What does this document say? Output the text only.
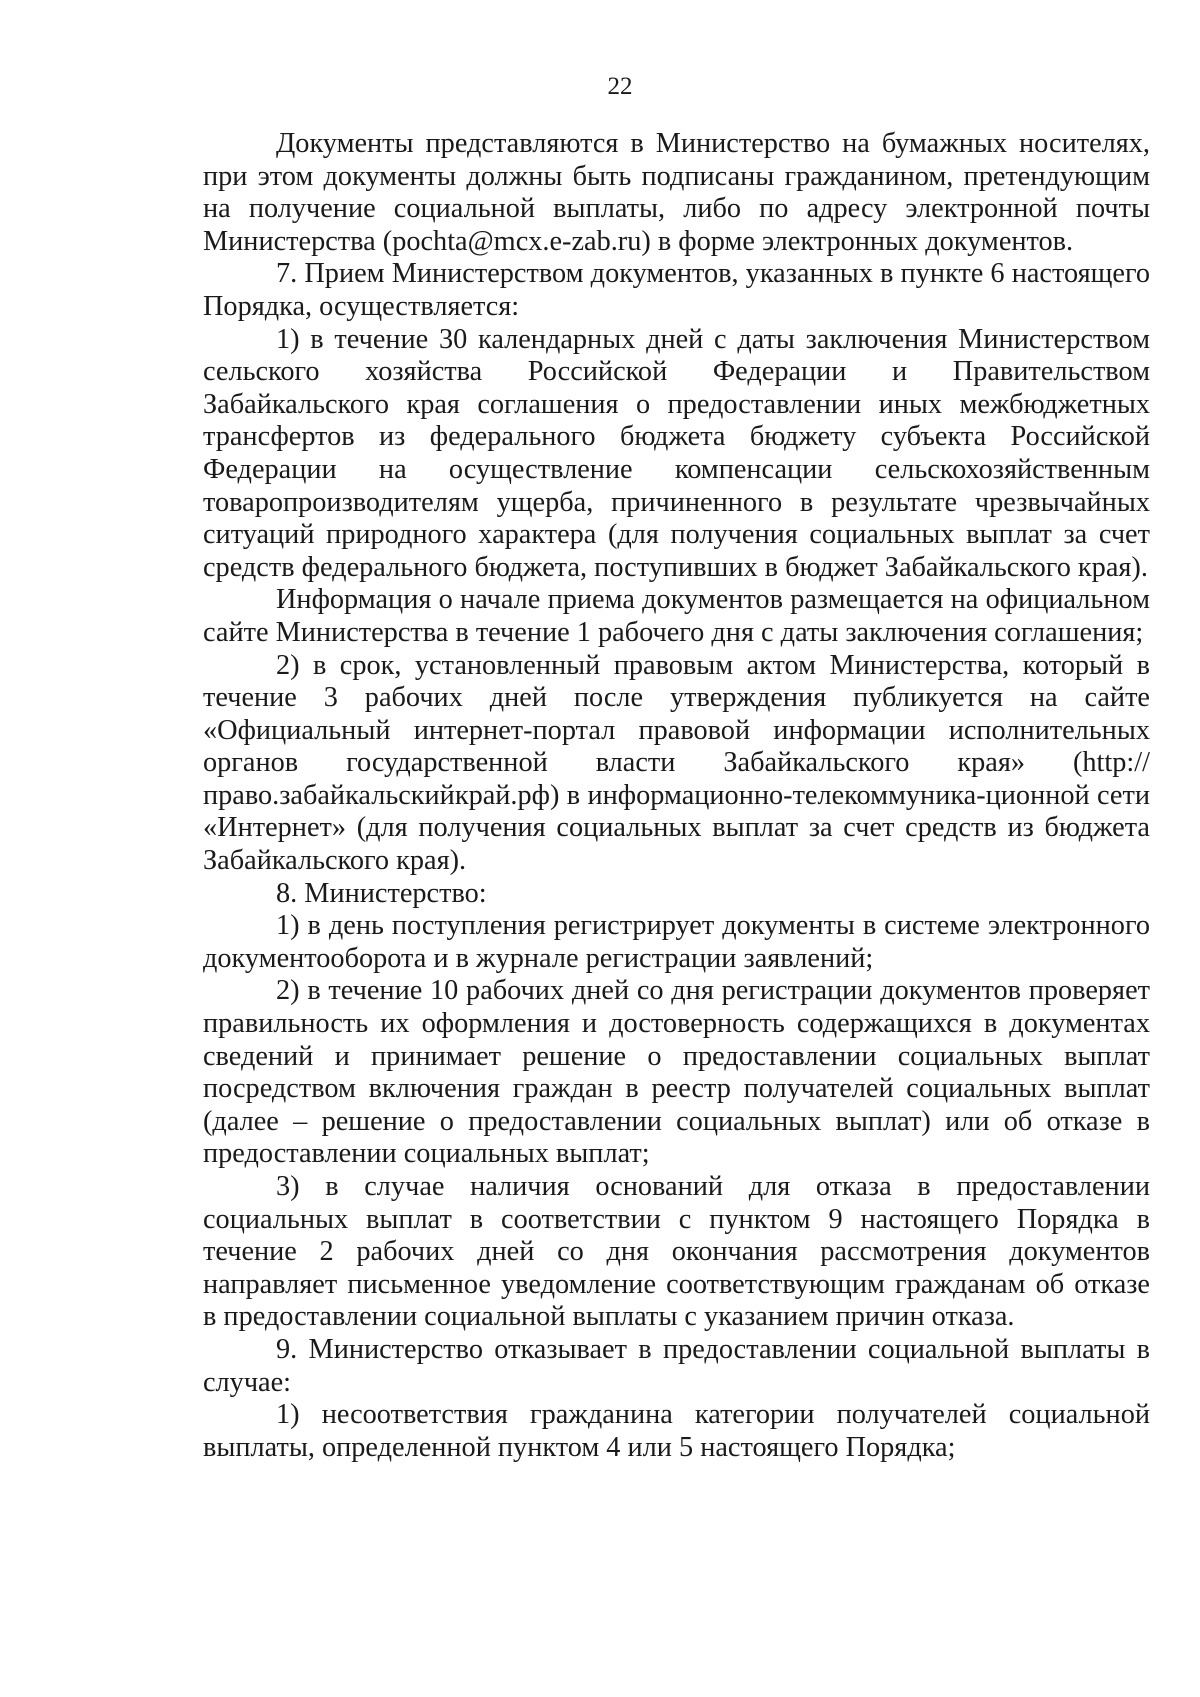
22

Документы представляются в Министерство на бумажных носителях, при этом документы должны быть подписаны гражданином, претендующим на получение социальной выплаты, либо по адресу электронной почты Министерства (pochta@mcx.e-zab.ru) в форме электронных документов.

7. Прием Министерством документов, указанных в пункте 6 настоящего Порядка, осуществляется:

1) в течение 30 календарных дней с даты заключения Министерством сельского хозяйства Российской Федерации и Правительством Забайкальского края соглашения о предоставлении иных межбюджетных трансфертов из федерального бюджета бюджету субъекта Российской Федерации на осуществление компенсации сельскохозяйственным товаропроизводителям ущерба, причиненного в результате чрезвычайных ситуаций природного характера (для получения социальных выплат за счет средств федерального бюджета, поступивших в бюджет Забайкальского края).

Информация о начале приема документов размещается на официальном сайте Министерства в течение 1 рабочего дня с даты заключения соглашения;

2) в срок, установленный правовым актом Министерства, который в течение 3 рабочих дней после утверждения публикуется на сайте «Официальный интернет-портал правовой информации исполнительных органов государственной власти Забайкальского края» (http://право.забайкальскийкрай.рф) в информационно-телекоммуника-ционной сети «Интернет» (для получения социальных выплат за счет средств из бюджета Забайкальского края).

8. Министерство:

1) в день поступления регистрирует документы в системе электронного документооборота и в журнале регистрации заявлений;

2) в течение 10 рабочих дней со дня регистрации документов проверяет правильность их оформления и достоверность содержащихся в документах сведений и принимает решение о предоставлении социальных выплат посредством включения граждан в реестр получателей социальных выплат (далее – решение о предоставлении социальных выплат) или об отказе в предоставлении социальных выплат;

3) в случае наличия оснований для отказа в предоставлении социальных выплат в соответствии с пунктом 9 настоящего Порядка в течение 2 рабочих дней со дня окончания рассмотрения документов направляет письменное уведомление соответствующим гражданам об отказе в предоставлении социальной выплаты с указанием причин отказа.

9. Министерство отказывает в предоставлении социальной выплаты в случае:

1) несоответствия гражданина категории получателей социальной выплаты, определенной пунктом 4 или 5 настоящего Порядка;
